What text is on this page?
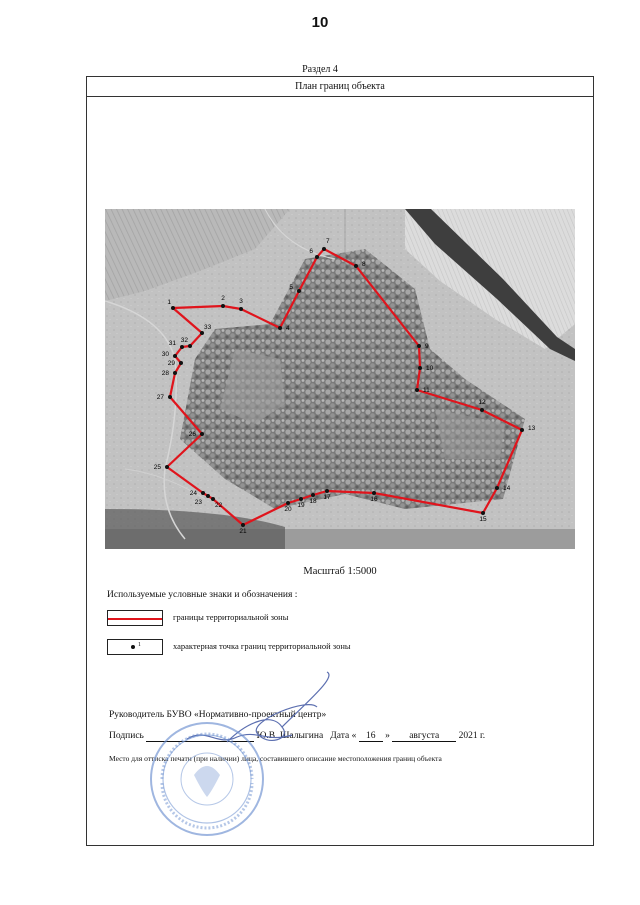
10
Раздел 4
План границ объекта
1
2 3
4
5
6
7
8
9
10
11
12
13
14
15
16
17
18
19
20
21
22
23
24
25
26
27
28
29
30
31 32
33
Масштаб 1:5000
Используемые условные знаки и обозначения :
границы территориальной зоны
1	характерная точка границ территориальной зоны
Руководитель БУВО «Нормативно-проектный центр»
Подпись	Ю.В. Шалыгина Дата « 16 » августа 2021 г.
Место для оттиска печати (при наличии) лица, составившего описание местоположения границ объекта
